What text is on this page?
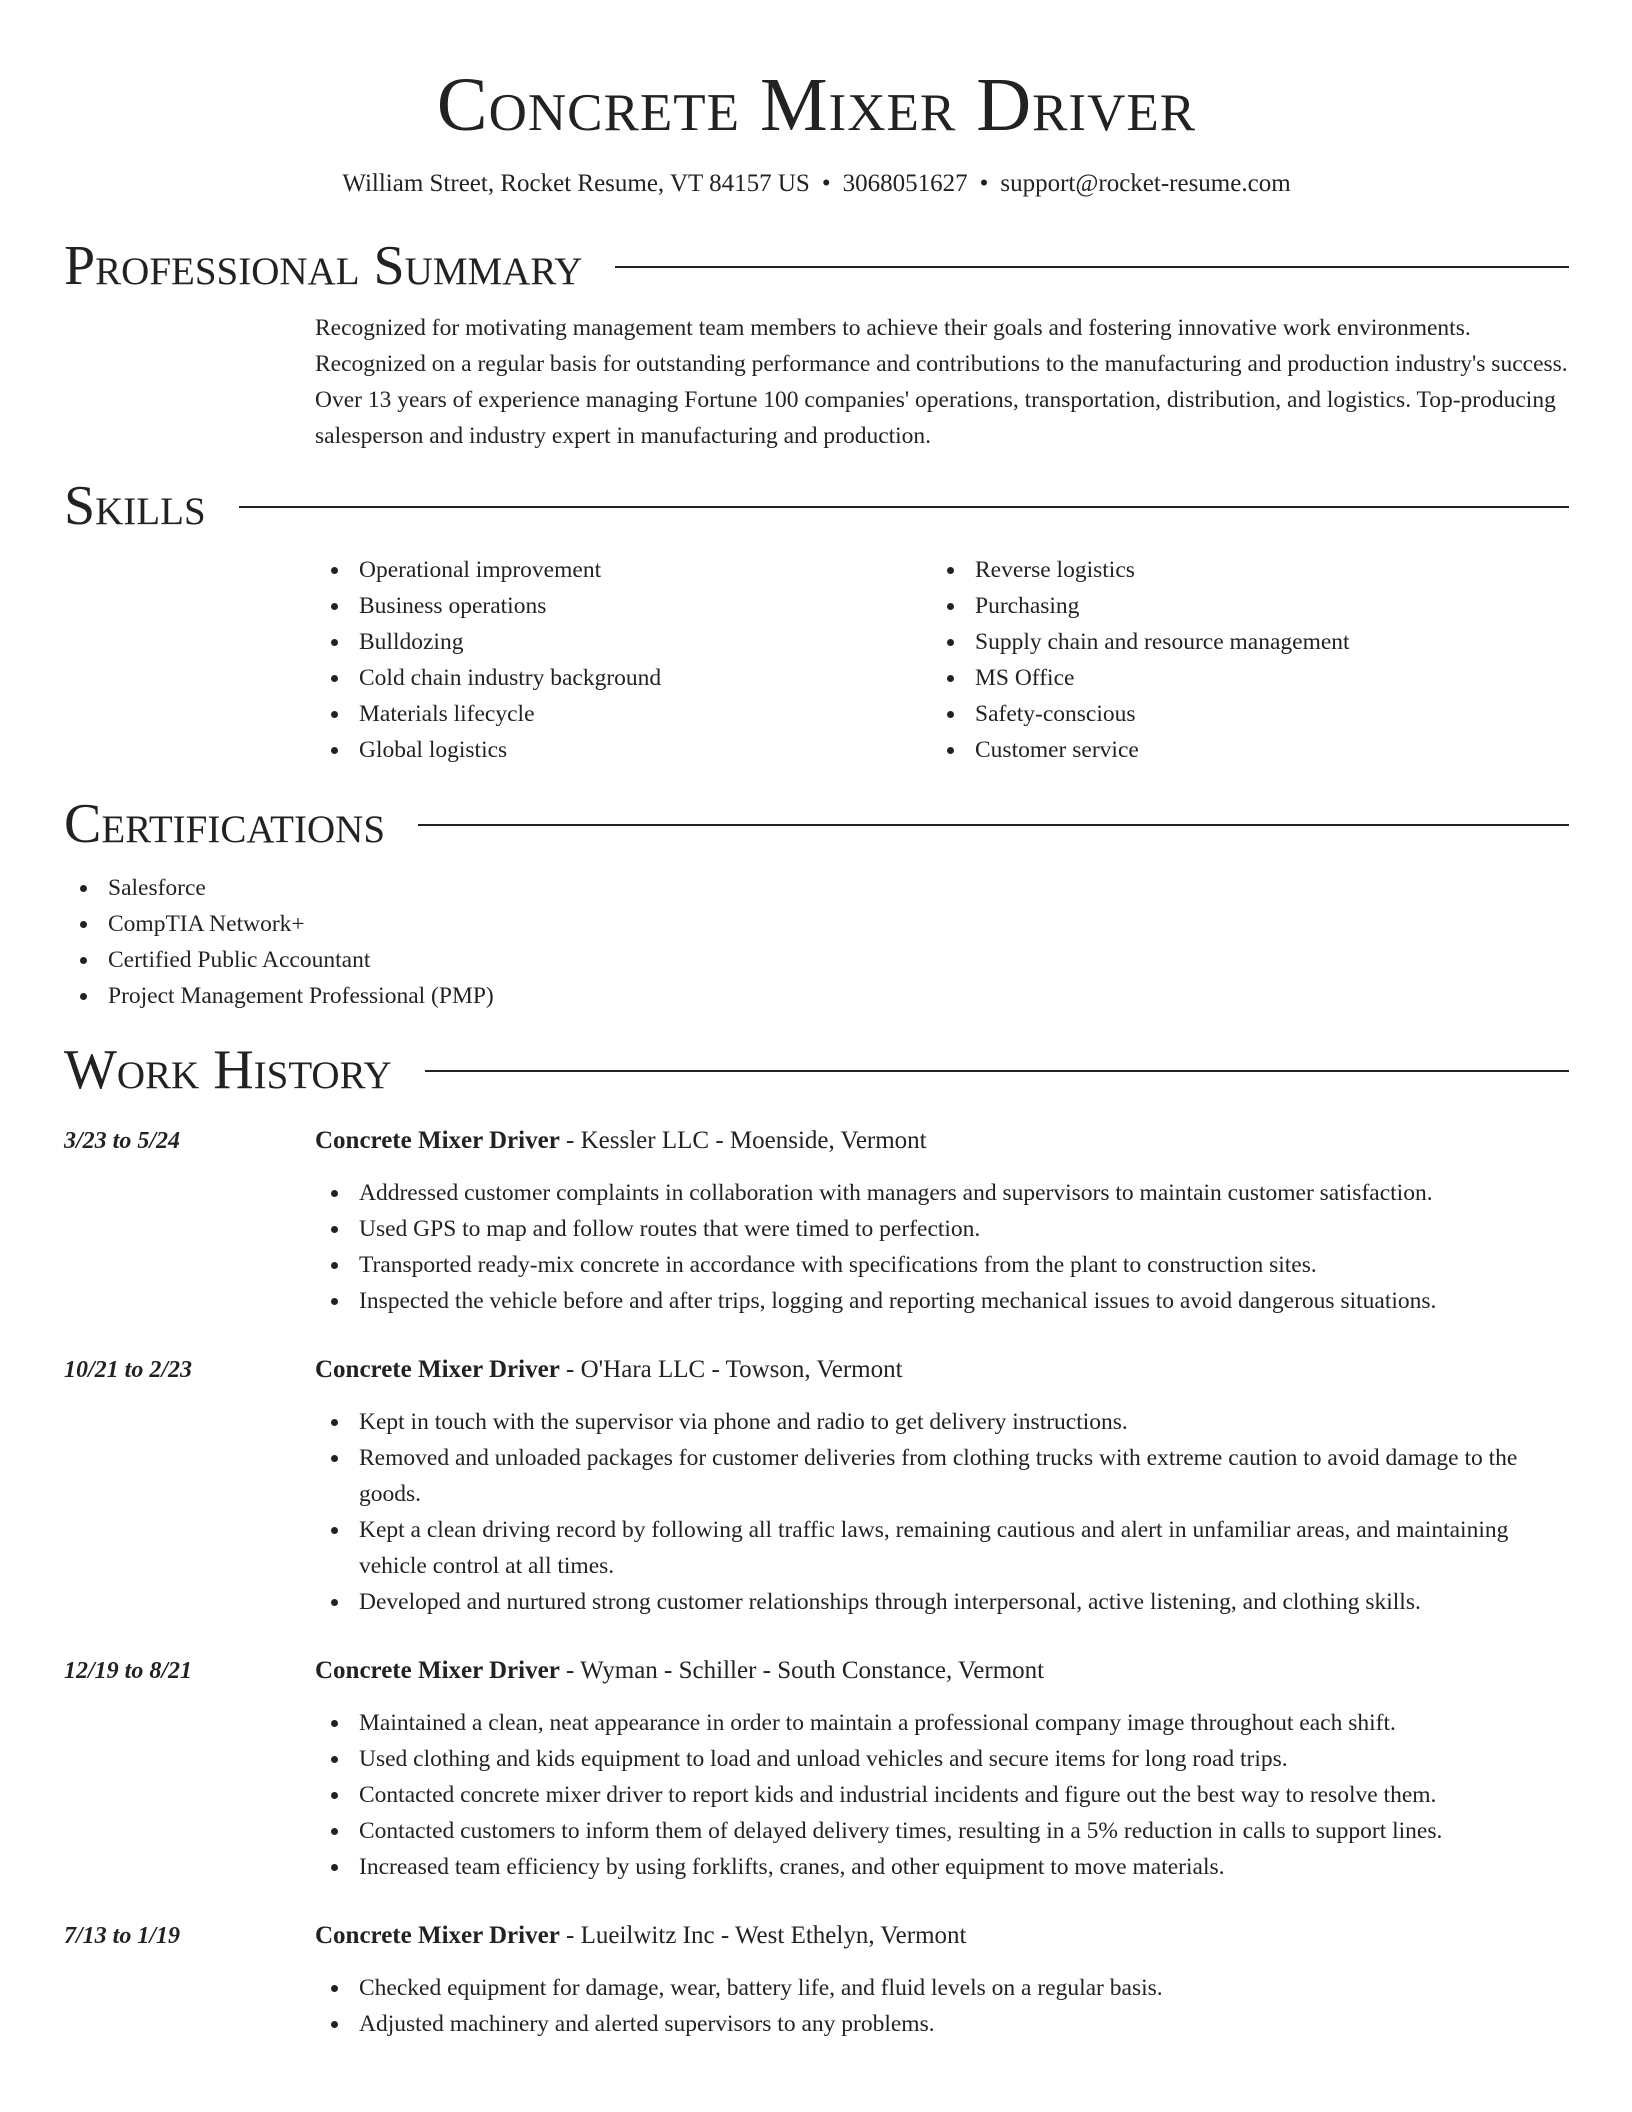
Concrete Mixer Driver
William Street, Rocket Resume, VT 84157 US • 3068051627 • support@rocket-resume.com
Professional Summary
Recognized for motivating management team members to achieve their goals and fostering innovative work environments. Recognized on a regular basis for outstanding performance and contributions to the manufacturing and production industry's success. Over 13 years of experience managing Fortune 100 companies' operations, transportation, distribution, and logistics. Top-producing salesperson and industry expert in manufacturing and production.
Skills
Operational improvement
Business operations
Bulldozing
Cold chain industry background
Materials lifecycle
Global logistics
Reverse logistics
Purchasing
Supply chain and resource management
MS Office
Safety-conscious
Customer service
Certifications
Salesforce
CompTIA Network+
Certified Public Accountant
Project Management Professional (PMP)
Work History
3/23 to 5/24	Concrete Mixer Driver - Kessler LLC - Moenside, Vermont
Addressed customer complaints in collaboration with managers and supervisors to maintain customer satisfaction.
Used GPS to map and follow routes that were timed to perfection.
Transported ready-mix concrete in accordance with specifications from the plant to construction sites.
Inspected the vehicle before and after trips, logging and reporting mechanical issues to avoid dangerous situations.
10/21 to 2/23	Concrete Mixer Driver - O'Hara LLC - Towson, Vermont
Kept in touch with the supervisor via phone and radio to get delivery instructions.
Removed and unloaded packages for customer deliveries from clothing trucks with extreme caution to avoid damage to the goods.
Kept a clean driving record by following all traffic laws, remaining cautious and alert in unfamiliar areas, and maintaining vehicle control at all times.
Developed and nurtured strong customer relationships through interpersonal, active listening, and clothing skills.
12/19 to 8/21	Concrete Mixer Driver - Wyman - Schiller - South Constance, Vermont
Maintained a clean, neat appearance in order to maintain a professional company image throughout each shift.
Used clothing and kids equipment to load and unload vehicles and secure items for long road trips.
Contacted concrete mixer driver to report kids and industrial incidents and figure out the best way to resolve them.
Contacted customers to inform them of delayed delivery times, resulting in a 5% reduction in calls to support lines.
Increased team efficiency by using forklifts, cranes, and other equipment to move materials.
7/13 to 1/19	Concrete Mixer Driver - Lueilwitz Inc - West Ethelyn, Vermont
Checked equipment for damage, wear, battery life, and fluid levels on a regular basis.
Adjusted machinery and alerted supervisors to any problems.
